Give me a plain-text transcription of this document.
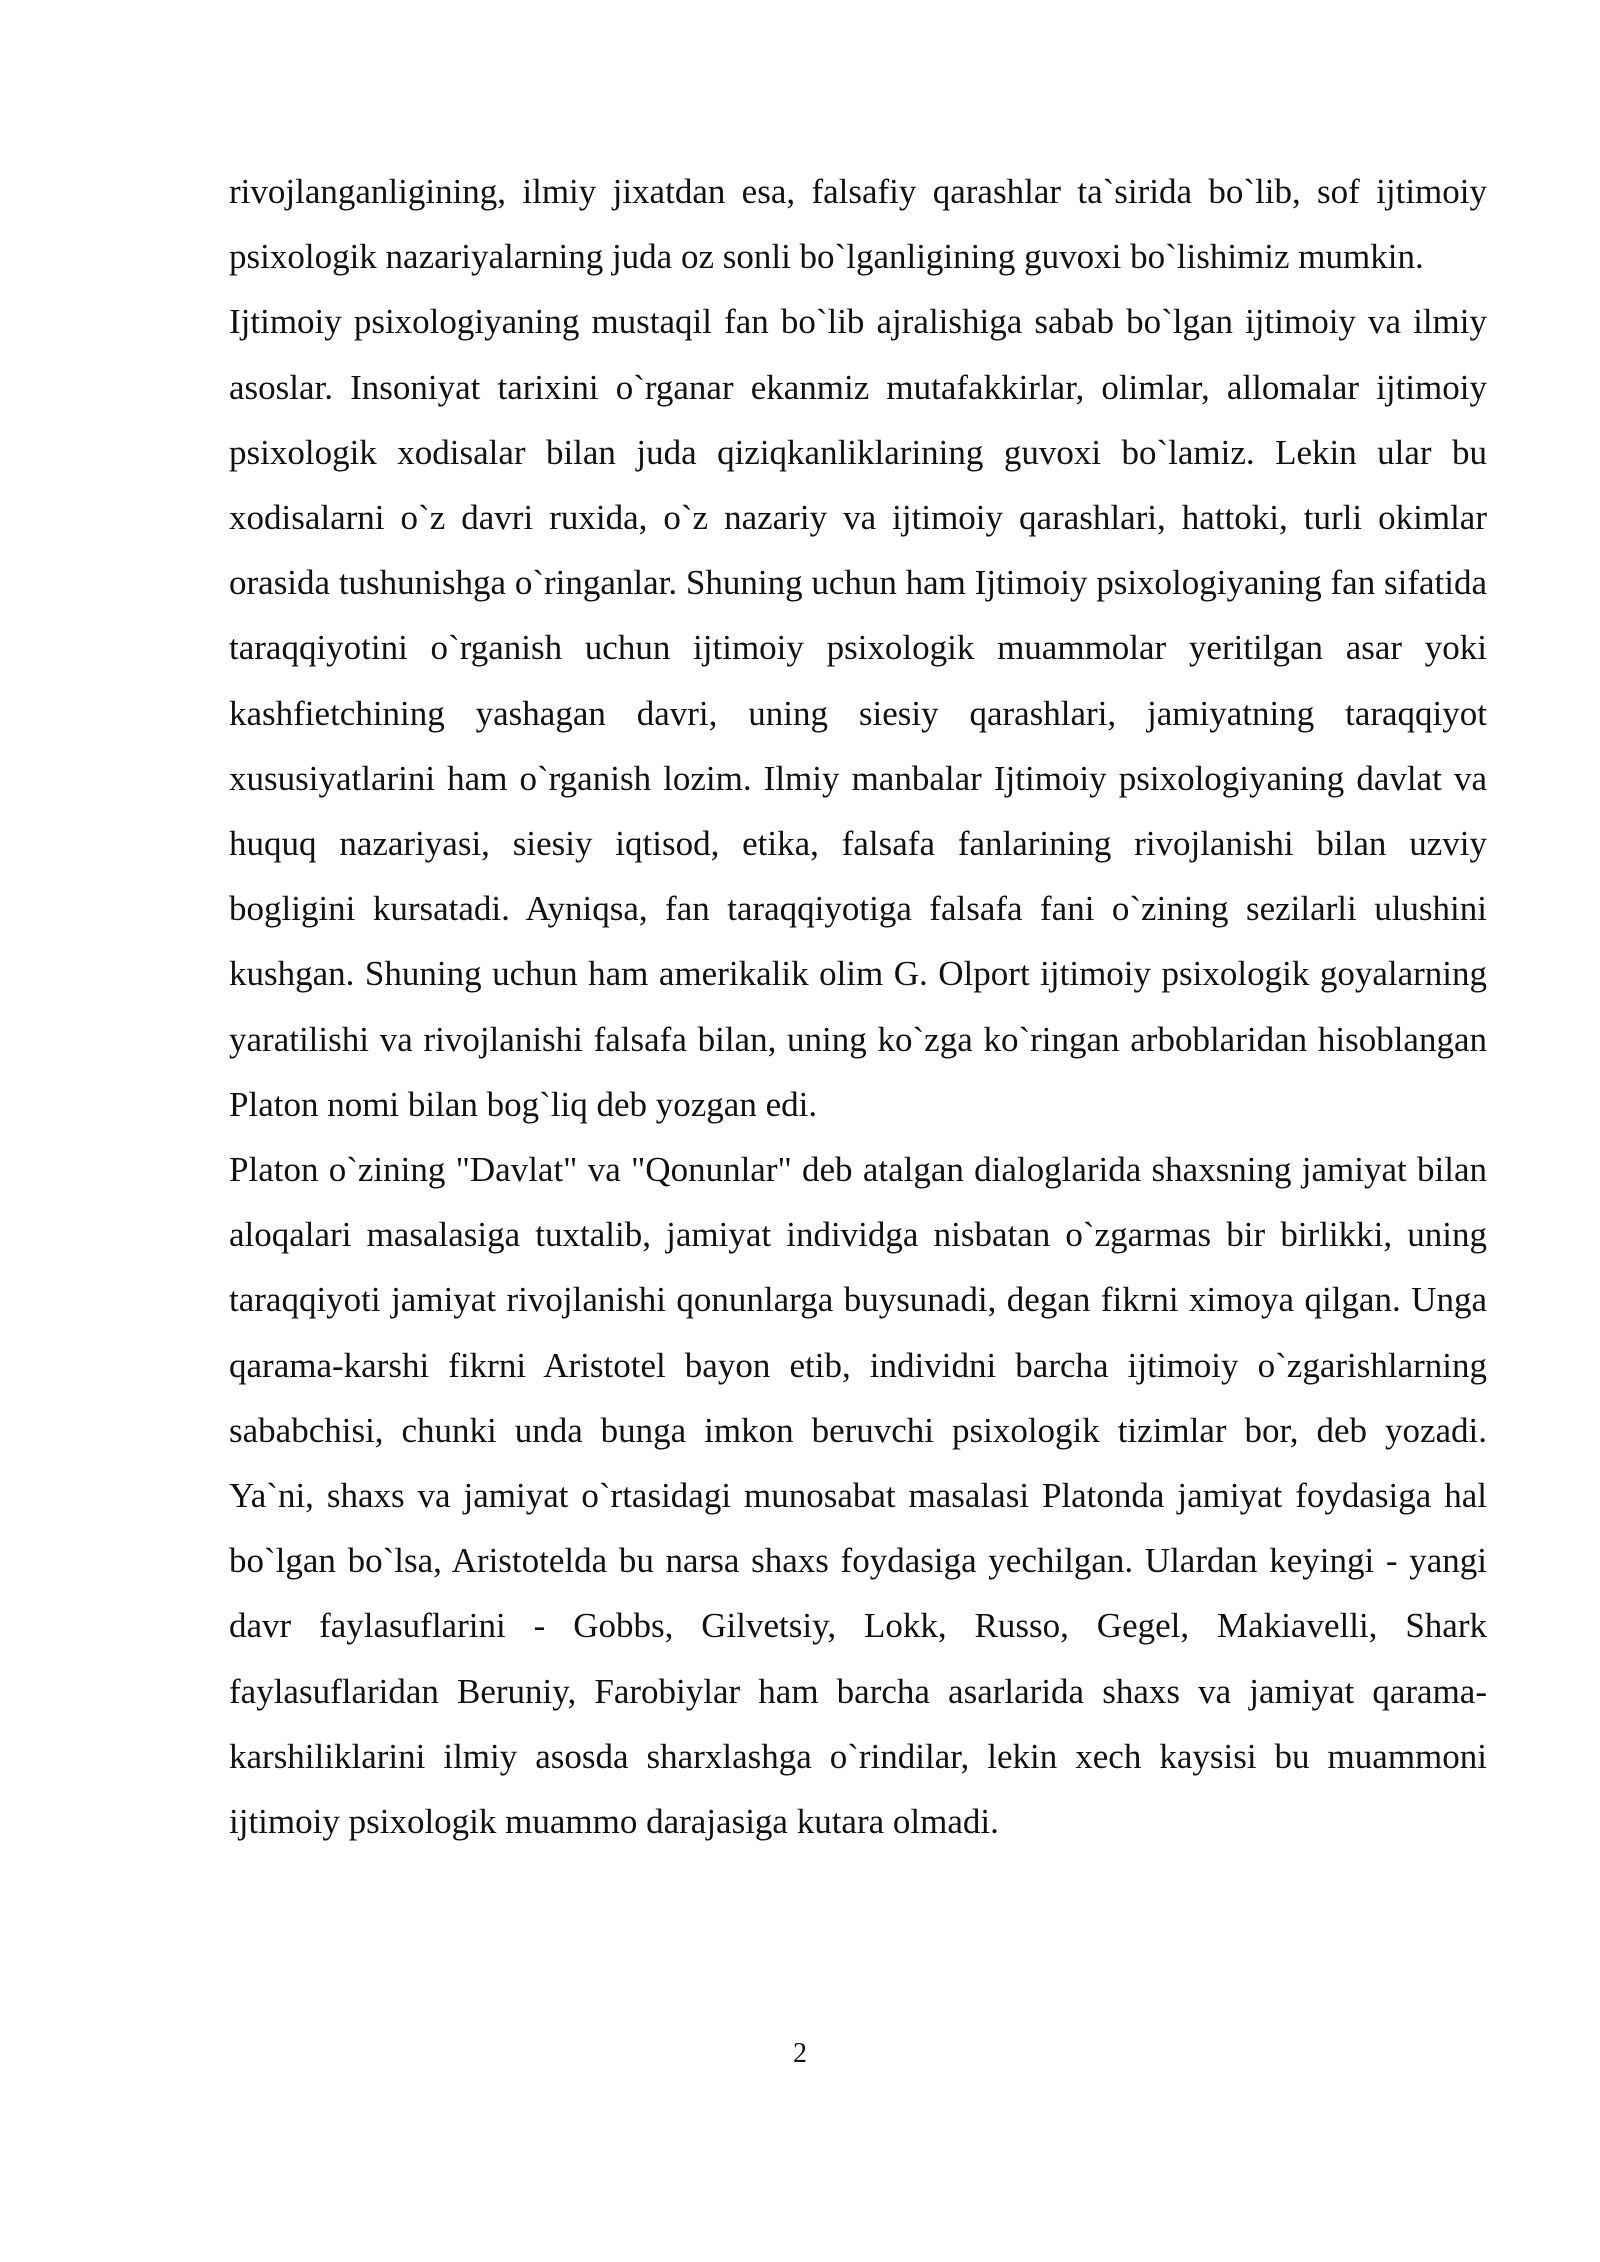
rivojlanganligining, ilmiy jixatdan esa, falsafiy qarashlar ta`sirida bo`lib, sof ijtimoiy psixologik nazariyalarning juda oz sonli bo`lganligining guvoxi bo`lishimiz mumkin.

Ijtimoiy psixologiyaning mustaqil fan bo`lib ajralishiga sabab bo`lgan ijtimoiy va ilmiy asoslar. Insoniyat tarixini o`rganar ekanmiz mutafakkirlar, olimlar, allomalar ijtimoiy psixologik xodisalar bilan juda qiziqkanliklarining guvoxi bo`lamiz. Lekin ular bu xodisalarni o`z davri ruxida, o`z nazariy va ijtimoiy qarashlari, hattoki, turli okimlar orasida tushunishga o`ringanlar. Shuning uchun ham Ijtimoiy psixologiyaning fan sifatida taraqqiyotini o`rganish uchun ijtimoiy psixologik muammolar yeritilgan asar yoki kashfietchining yashagan davri, uning siesiy qarashlari, jamiyatning taraqqiyot xususiyatlarini ham o`rganish lozim. Ilmiy manbalar Ijtimoiy psixologiyaning davlat va huquq nazariyasi, siesiy iqtisod, etika, falsafa fanlarining rivojlanishi bilan uzviy bogligini kursatadi. Ayniqsa, fan taraqqiyotiga falsafa fani o`zining sezilarli ulushini kushgan. Shuning uchun ham amerikalik olim G. Olport ijtimoiy psixologik goyalarning yaratilishi va rivojlanishi falsafa bilan, uning ko`zga ko`ringan arboblaridan hisoblangan Platon nomi bilan bog`liq deb yozgan edi.

Platon o`zining "Davlat" va "Qonunlar" deb atalgan dialoglarida shaxsning jamiyat bilan aloqalari masalasiga tuxtalib, jamiyat individga nisbatan o`zgarmas bir birlikki, uning taraqqiyoti jamiyat rivojlanishi qonunlarga buysunadi, degan fikrni ximoya qilgan. Unga qarama-karshi fikrni Aristotel bayon etib, individni barcha ijtimoiy o`zgarishlarning sababchisi, chunki unda bunga imkon beruvchi psixologik tizimlar bor, deb yozadi. Ya`ni, shaxs va jamiyat o`rtasidagi munosabat masalasi Platonda jamiyat foydasiga hal bo`lgan bo`lsa, Aristotelda bu narsa shaxs foydasiga yechilgan. Ulardan keyingi - yangi davr faylasuflarini - Gobbs, Gilvetsiy, Lokk, Russo, Gegel, Makiavelli, Shark faylasuflaridan Beruniy, Farobiylar ham barcha asarlarida shaxs va jamiyat qarama-karshiliklarini ilmiy asosda sharxlashga o`rindilar, lekin xech kaysisi bu muammoni ijtimoiy psixologik muammo darajasiga kutara olmadi.

2
